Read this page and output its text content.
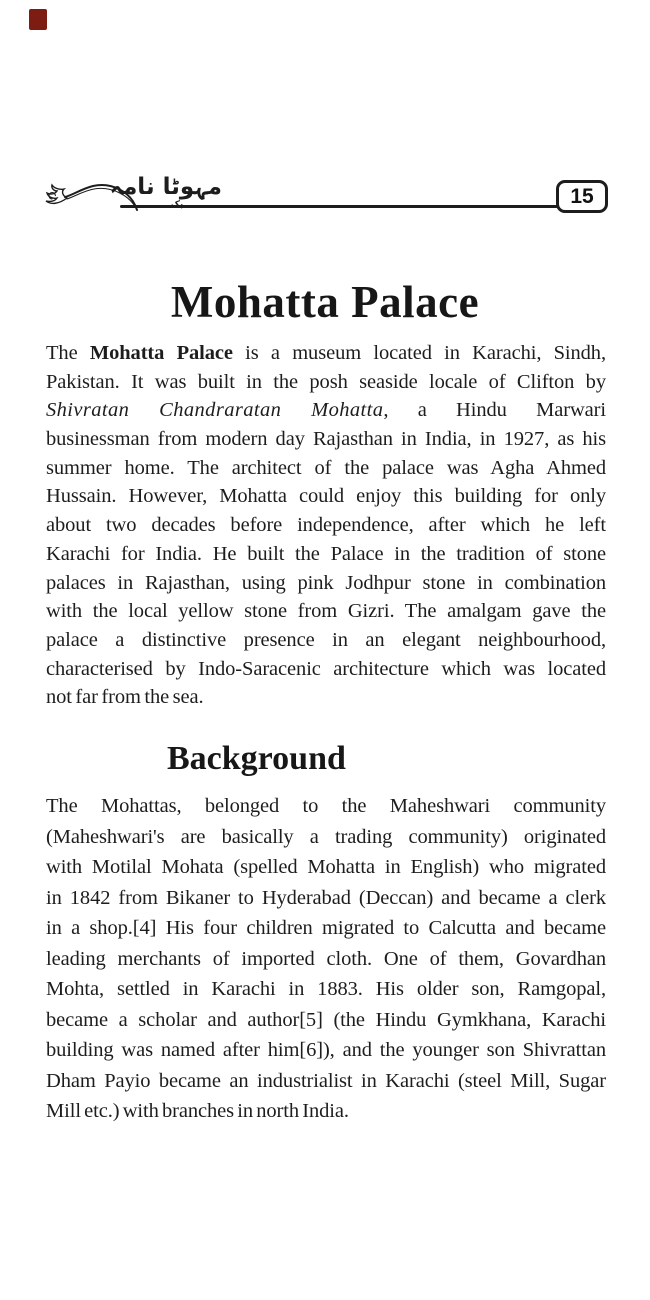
مہوٹا نامہ	15
Mohatta Palace
The Mohatta Palace is a museum located in Karachi, Sindh,
Pakistan. It was built in the posh seaside locale of Clifton by
Shivratan Chandraratan Mohatta, a Hindu Marwari
businessman from modern day Rajasthan in India, in 1927, as his
summer home. The architect of the palace was Agha Ahmed
Hussain. However, Mohatta could enjoy this building for only
about two decades before independence, after which he left
Karachi for India. He built the Palace in the tradition of stone
palaces in Rajasthan, using pink Jodhpur stone in combination
with the local yellow stone from Gizri. The amalgam gave the
palace a distinctive presence in an elegant neighbourhood,
characterised by Indo-Saracenic architecture which was located
not far from the sea.
Background
The Mohattas, belonged to the Maheshwari community
(Maheshwari's are basically a trading community) originated
with Motilal Mohata (spelled Mohatta in English) who migrated
in 1842 from Bikaner to Hyderabad (Deccan) and became a clerk
in a shop.[4] His four children migrated to Calcutta and became
leading merchants of imported cloth. One of them, Govardhan
Mohta, settled in Karachi in 1883. His older son, Ramgopal,
became a scholar and author[5] (the Hindu Gymkhana, Karachi
building was named after him[6]), and the younger son Shivrattan
Dham Payio became an industrialist in Karachi (steel Mill, Sugar
Mill etc.) with branches in north India.
